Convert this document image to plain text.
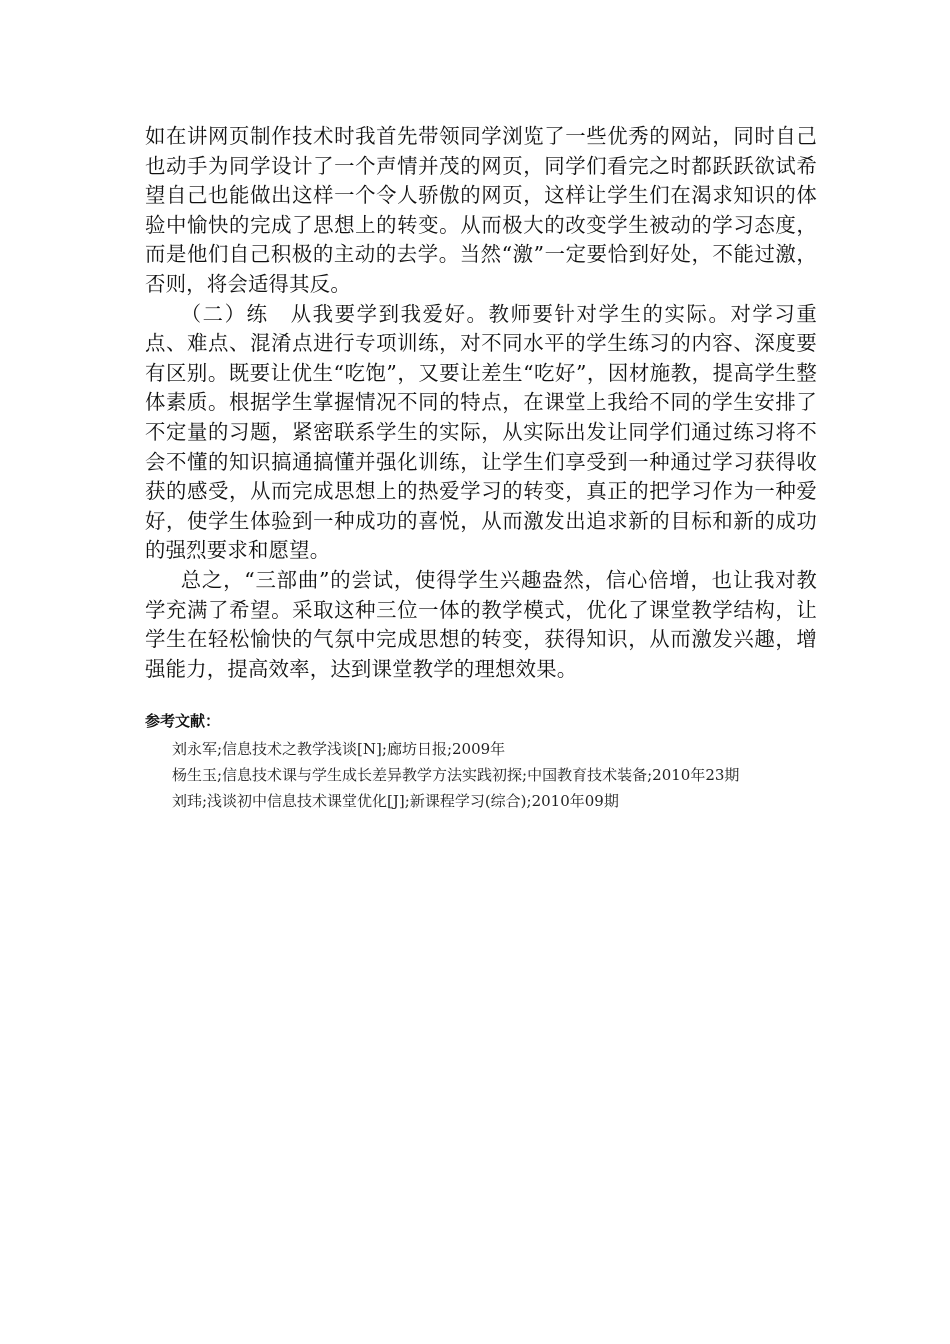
如在讲网页制作技术时我首先带领同学浏览了一些优秀的网站，同时自己也动手为同学设计了一个声情并茂的网页，同学们看完之时都跃跃欲试希望自己也能做出这样一个令人骄傲的网页，这样让学生们在渴求知识的体验中愉快的完成了思想上的转变。从而极大的改变学生被动的学习态度，而是他们自己积极的主动的去学。当然“激”一定要恰到好处，不能过激，否则，将会适得其反。

（二）练　从我要学到我爱好。教师要针对学生的实际。对学习重点、难点、混淆点进行专项训练，对不同水平的学生练习的内容、深度要有区别。既要让优生“吃饱”，又要让差生“吃好”，因材施教，提高学生整体素质。根据学生掌握情况不同的特点，在课堂上我给不同的学生安排了不定量的习题，紧密联系学生的实际，从实际出发让同学们通过练习将不会不懂的知识搞通搞懂并强化训练，让学生们享受到一种通过学习获得收获的感受，从而完成思想上的热爱学习的转变，真正的把学习作为一种爱好，使学生体验到一种成功的喜悦，从而激发出追求新的目标和新的成功的强烈要求和愿望。

总之，“三部曲”的尝试，使得学生兴趣盎然，信心倍增，也让我对教学充满了希望。采取这种三位一体的教学模式，优化了课堂教学结构，让学生在轻松愉快的气氛中完成思想的转变，获得知识，从而激发兴趣，增强能力，提高效率，达到课堂教学的理想效果。

参考文献：

刘永军;信息技术之教学浅谈[N];廊坊日报;2009年

杨生玉;信息技术课与学生成长差异教学方法实践初探;中国教育技术装备;2010年23期

刘玮;浅谈初中信息技术课堂优化[J];新课程学习(综合);2010年09期
